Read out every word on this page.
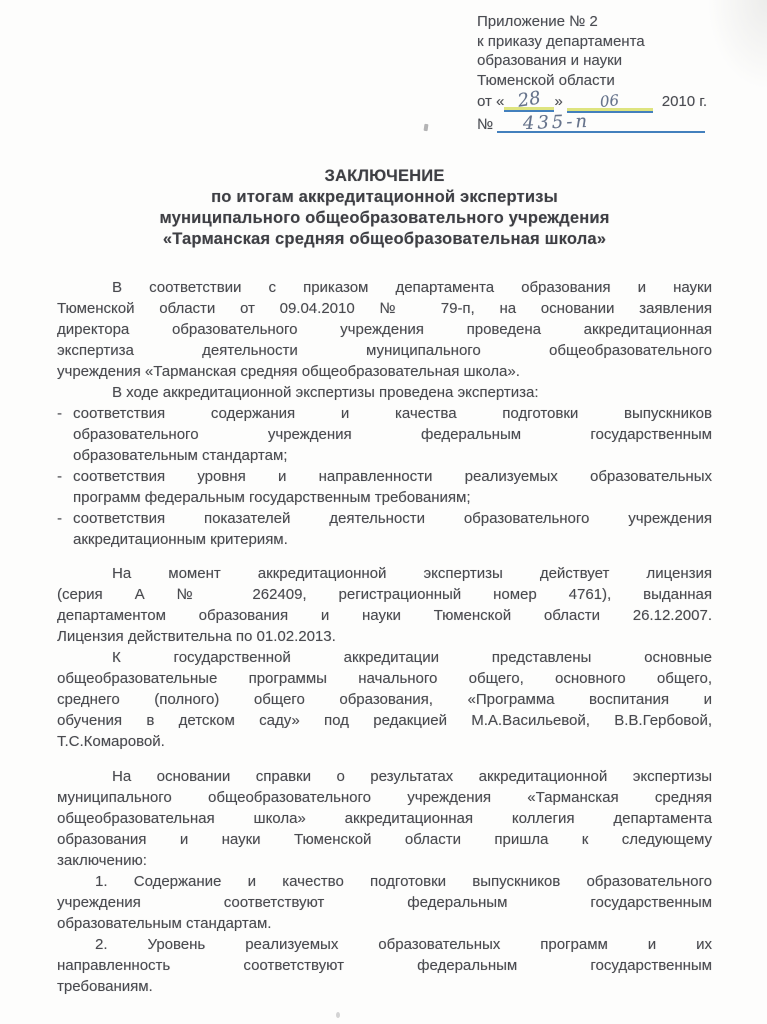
Приложение № 2
к приказу департамента
образования и науки
Тюменской области
от « 28 »	06	2010 г.
№	435-п
ЗАКЛЮЧЕНИЕ
по итогам аккредитационной экспертизы
муниципального общеобразовательного учреждения
«Тарманская средняя общеобразовательная школа»
В соответствии с приказом департамента образования и науки
Тюменской области от 09.04.2010 № 79-п, на основании заявления
директора образовательного учреждения проведена аккредитационная
экспертиза деятельности муниципального общеобразовательного
учреждения «Тарманская средняя общеобразовательная школа».
В ходе аккредитационной экспертизы проведена экспертиза:
- соответствия содержания и качества подготовки выпускников
образовательного учреждения федеральным государственным
образовательным стандартам;
- соответствия уровня и направленности реализуемых образовательных
программ федеральным государственным требованиям;
- соответствия показателей деятельности образовательного учреждения
аккредитационным критериям.
На момент аккредитационной экспертизы действует лицензия
(серия А № 262409, регистрационный номер 4761), выданная
департаментом образования и науки Тюменской области 26.12.2007.
Лицензия действительна по 01.02.2013.
К государственной аккредитации представлены основные
общеобразовательные программы начального общего, основного общего,
среднего (полного) общего образования, «Программа воспитания и
обучения в детском саду» под редакцией М.А.Васильевой, В.В.Гербовой,
Т.С.Комаровой.
На основании справки о результатах аккредитационной экспертизы
муниципального общеобразовательного учреждения «Тарманская средняя
общеобразовательная школа» аккредитационная коллегия департамента
образования и науки Тюменской области пришла к следующему
заключению:
1. Содержание и качество подготовки выпускников образовательного
учреждения соответствуют федеральным государственным
образовательным стандартам.
2. Уровень реализуемых образовательных программ и их
направленность соответствуют федеральным государственным
требованиям.
